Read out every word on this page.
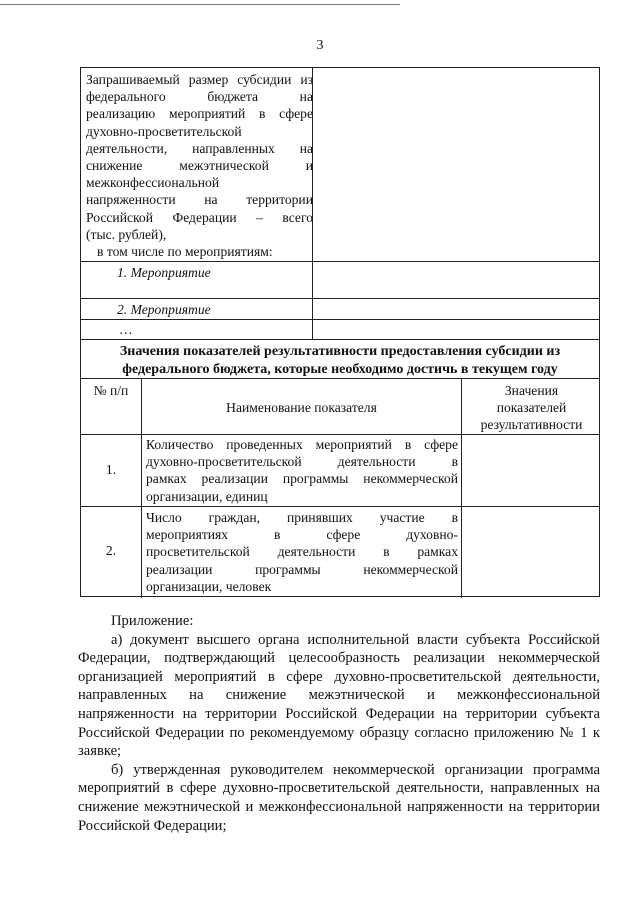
3
Запрашиваемый размер субсидии из
федерального бюджета на
реализацию мероприятий в сфере
духовно-просветительской
деятельности, направленных на
снижение межэтнической и
межконфессиональной
напряженности на территории
Российской Федерации – всего
(тыс. рублей),
в том числе по мероприятиям:
1. Мероприятие
2. Мероприятие
…
Значения показателей результативности предоставления субсидии из
федерального бюджета, которые необходимо достичь в текущем году
№ п/п
Наименование показателя
Значения
показателей
результативности
1.
Количество проведенных мероприятий в сфере
духовно-просветительской деятельности в
рамках реализации программы некоммерческой
организации, единиц
2.
Число граждан, принявших участие в
мероприятиях в сфере духовно-
просветительской деятельности в рамках
реализации программы некоммерческой
организации, человек

Приложение:

а) документ высшего органа исполнительной власти субъекта Российской Федерации, подтверждающий целесообразность реализации некоммерческой организацией мероприятий в сфере духовно-просветительской деятельности, направленных на снижение межэтнической и межконфессиональной напряженности на территории Российской Федерации на территории субъекта Российской Федерации по рекомендуемому образцу согласно приложению № 1 к заявке;

б) утвержденная руководителем некоммерческой организации программа мероприятий в сфере духовно-просветительской деятельности, направленных на снижение межэтнической и межконфессиональной напряженности на территории Российской Федерации;
